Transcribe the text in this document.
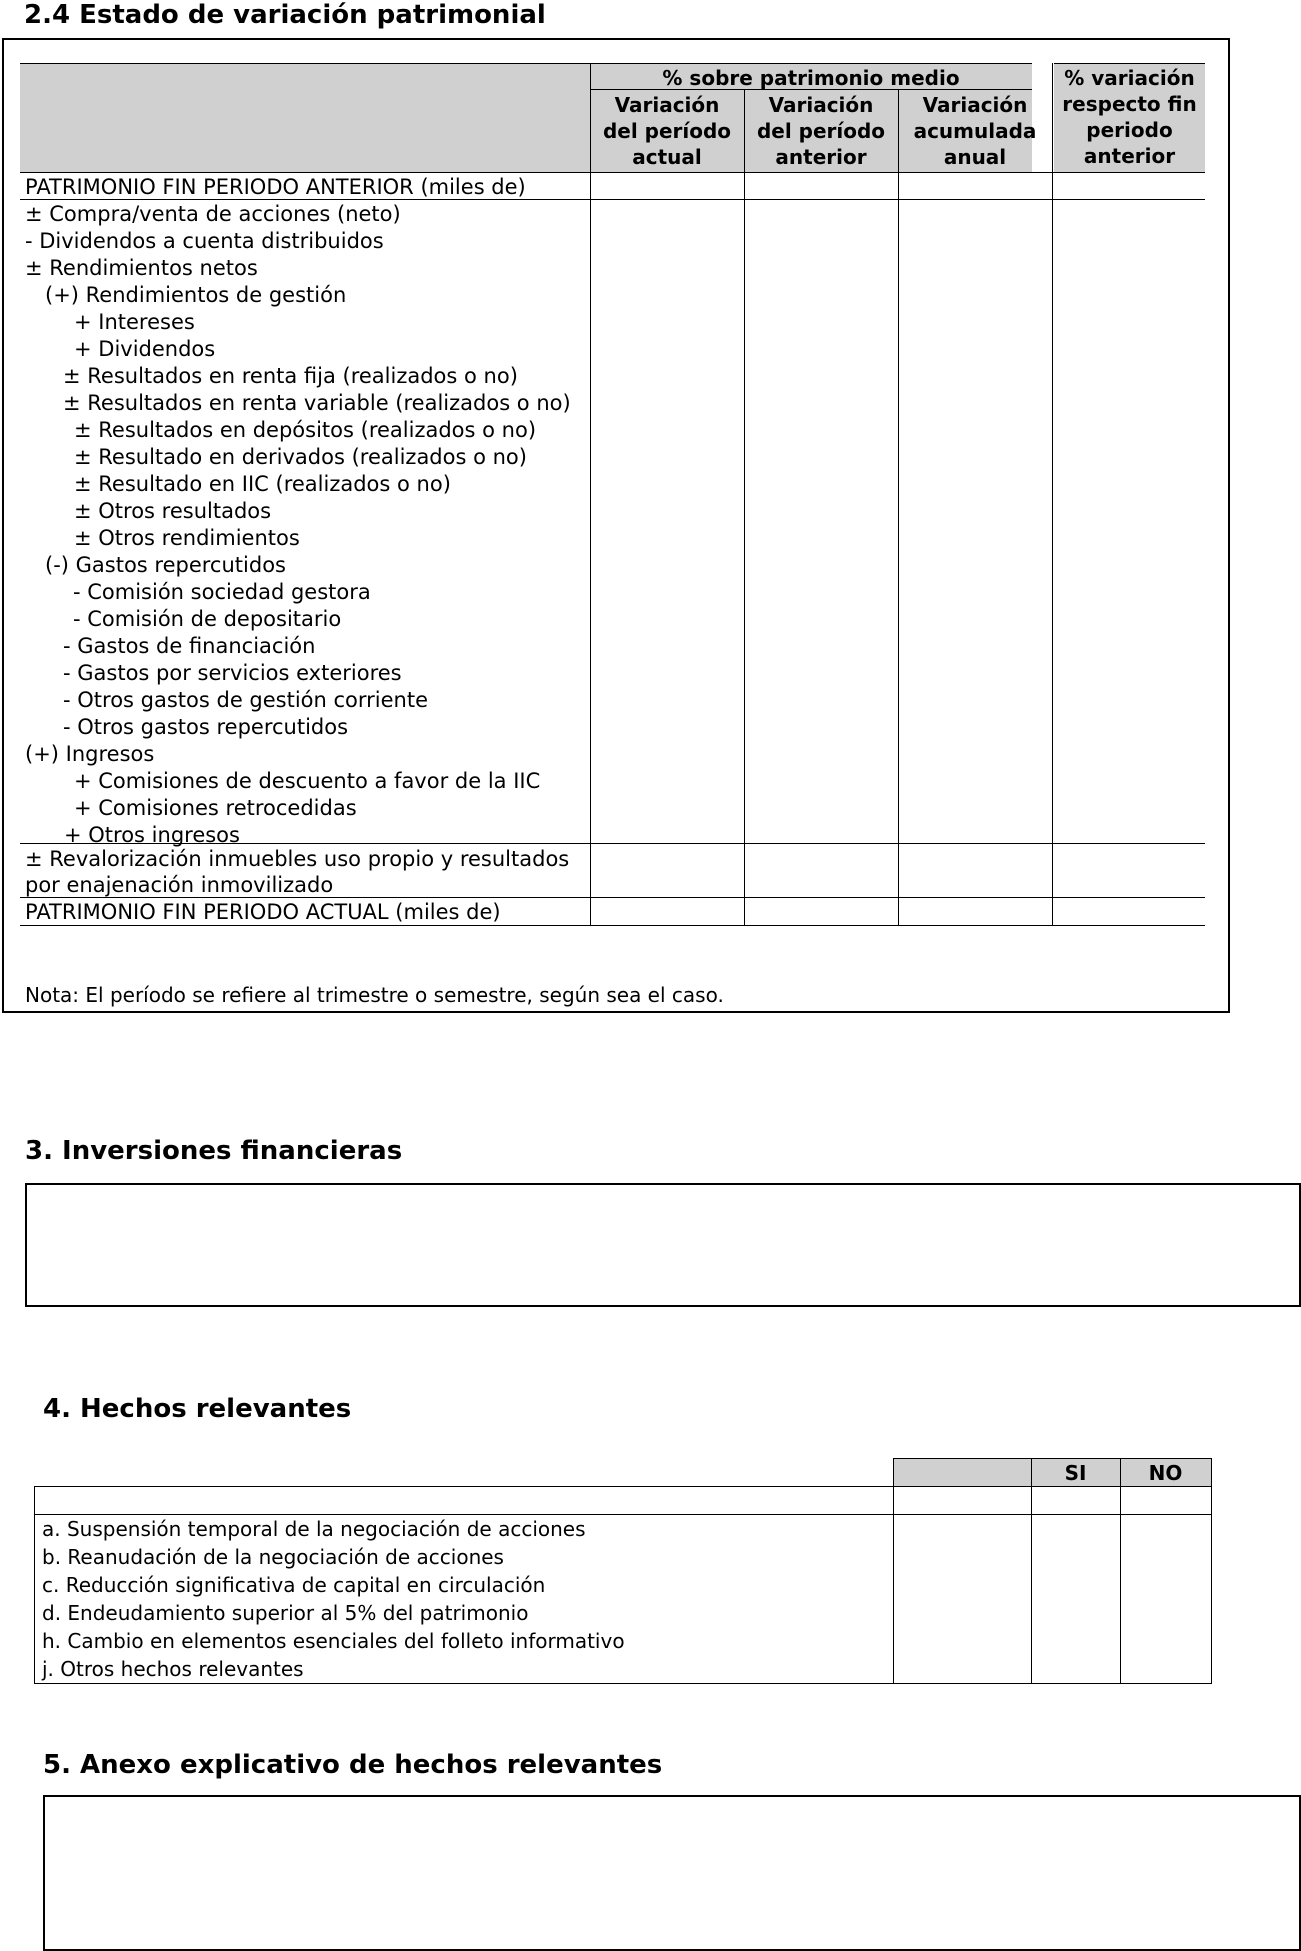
2.4 Estado de variación patrimonial
% sobre patrimonio medio
Variación
del período
actual
Variación
del período
anterior
Variación
acumulada
anual
% variación
respecto fin
periodo
anterior
PATRIMONIO FIN PERIODO ANTERIOR (miles de)
± Compra/venta de acciones (neto)
- Dividendos a cuenta distribuidos
± Rendimientos netos
(+) Rendimientos de gestión
+ Intereses
+ Dividendos
± Resultados en renta fija (realizados o no)
± Resultados en renta variable (realizados o no)
± Resultados en depósitos (realizados o no)
± Resultado en derivados (realizados o no)
± Resultado en IIC (realizados o no)
± Otros resultados
± Otros rendimientos
(-) Gastos repercutidos
- Comisión sociedad gestora
- Comisión de depositario
- Gastos de financiación
- Gastos por servicios exteriores
- Otros gastos de gestión corriente
- Otros gastos repercutidos
(+) Ingresos
+ Comisiones de descuento a favor de la IIC
+ Comisiones retrocedidas
+ Otros ingresos
± Revalorización inmuebles uso propio y resultados
por enajenación inmovilizado
PATRIMONIO FIN PERIODO ACTUAL (miles de)
Nota: El período se refiere al trimestre o semestre, según sea el caso.
3. Inversiones financieras
4. Hechos relevantes
SI	NO
a. Suspensión temporal de la negociación de acciones
b. Reanudación de la negociación de acciones
c. Reducción significativa de capital en circulación
d. Endeudamiento superior al 5% del patrimonio
h. Cambio en elementos esenciales del folleto informativo
j. Otros hechos relevantes
5. Anexo explicativo de hechos relevantes
